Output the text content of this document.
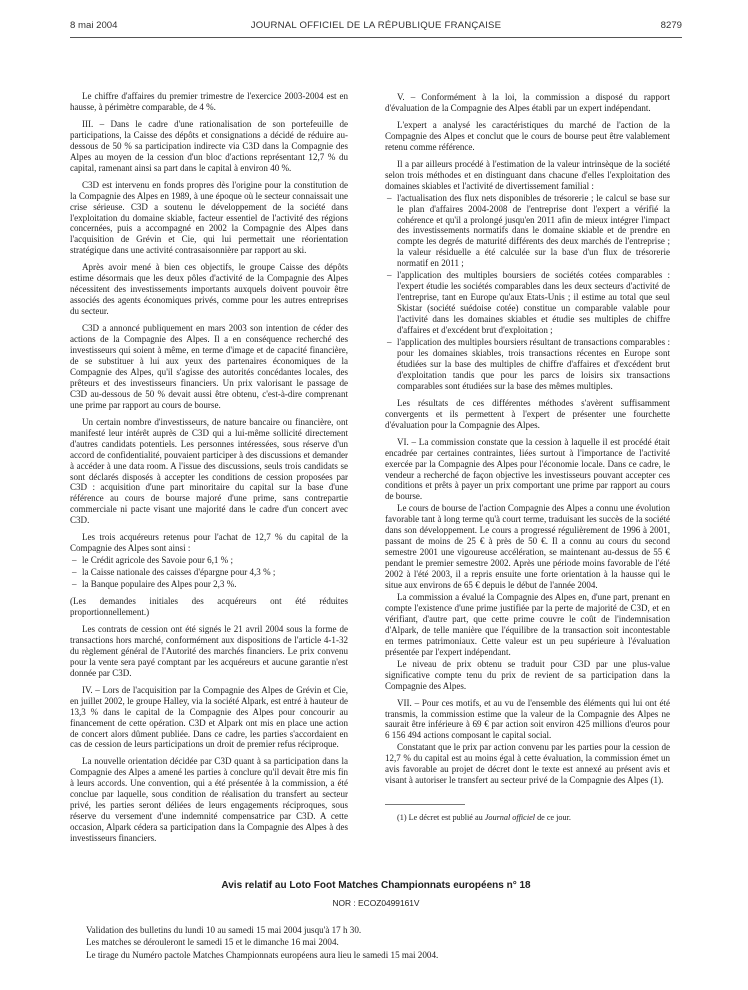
8 mai 2004	JOURNAL OFFICIEL DE LA RÉPUBLIQUE FRANÇAISE	8279

Le chiffre d'affaires du premier trimestre de l'exercice 2003-2004 est en hausse, à périmètre comparable, de 4 %.

III. – Dans le cadre d'une rationalisation de son portefeuille de participations, la Caisse des dépôts et consignations a décidé de réduire au-dessous de 50 % sa participation indirecte via C3D dans la Compagnie des Alpes au moyen de la cession d'un bloc d'actions représentant 12,7 % du capital, ramenant ainsi sa part dans le capital à environ 40 %.

C3D est intervenu en fonds propres dès l'origine pour la constitution de la Compagnie des Alpes en 1989, à une époque où le secteur connaissait une crise sérieuse. C3D a soutenu le développement de la société dans l'exploitation du domaine skiable, facteur essentiel de l'activité des régions concernées, puis a accompagné en 2002 la Compagnie des Alpes dans l'acquisition de Grévin et Cie, qui lui permettait une réorientation stratégique dans une activité contrasaisonnière par rapport au ski.

Après avoir mené à bien ces objectifs, le groupe Caisse des dépôts estime désormais que les deux pôles d'activité de la Compagnie des Alpes nécessitent des investissements importants auxquels doivent pouvoir être associés des agents économiques privés, comme pour les autres entreprises du secteur.

C3D a annoncé publiquement en mars 2003 son intention de céder des actions de la Compagnie des Alpes. Il a en conséquence recherché des investisseurs qui soient à même, en terme d'image et de capacité financière, de se substituer à lui aux yeux des partenaires économiques de la Compagnie des Alpes, qu'il s'agisse des autorités concédantes locales, des prêteurs et des investisseurs financiers. Un prix valorisant le passage de C3D au-dessous de 50 % devait aussi être obtenu, c'est-à-dire comprenant une prime par rapport au cours de bourse.

Un certain nombre d'investisseurs, de nature bancaire ou financière, ont manifesté leur intérêt auprès de C3D qui a lui-même sollicité directement d'autres candidats potentiels. Les personnes intéressées, sous réserve d'un accord de confidentialité, pouvaient participer à des discussions et demander à accéder à une data room. A l'issue des discussions, seuls trois candidats se sont déclarés disposés à accepter les conditions de cession proposées par C3D : acquisition d'une part minoritaire du capital sur la base d'une référence au cours de bourse majoré d'une prime, sans contrepartie commerciale ni pacte visant une majorité dans le cadre d'un concert avec C3D.

Les trois acquéreurs retenus pour l'achat de 12,7 % du capital de la Compagnie des Alpes sont ainsi :

– le Crédit agricole des Savoie pour 6,1 % ;
– la Caisse nationale des caisses d'épargne pour 4,3 % ;
– la Banque populaire des Alpes pour 2,3 %.

(Les demandes initiales des acquéreurs ont été réduites proportionnellement.)

Les contrats de cession ont été signés le 21 avril 2004 sous la forme de transactions hors marché, conformément aux dispositions de l'article 4-1-32 du règlement général de l'Autorité des marchés financiers. Le prix convenu pour la vente sera payé comptant par les acquéreurs et aucune garantie n'est donnée par C3D.

IV. – Lors de l'acquisition par la Compagnie des Alpes de Grévin et Cie, en juillet 2002, le groupe Halley, via la société Alpark, est entré à hauteur de 13,3 % dans le capital de la Compagnie des Alpes pour concourir au financement de cette opération. C3D et Alpark ont mis en place une action de concert alors dûment publiée. Dans ce cadre, les parties s'accordaient en cas de cession de leurs participations un droit de premier refus réciproque.

La nouvelle orientation décidée par C3D quant à sa participation dans la Compagnie des Alpes a amené les parties à conclure qu'il devait être mis fin à leurs accords. Une convention, qui a été présentée à la commission, a été conclue par laquelle, sous condition de réalisation du transfert au secteur privé, les parties seront déliées de leurs engagements réciproques, sous réserve du versement d'une indemnité compensatrice par C3D. A cette occasion, Alpark cédera sa participation dans la Compagnie des Alpes à des investisseurs financiers.

V. – Conformément à la loi, la commission a disposé du rapport d'évaluation de la Compagnie des Alpes établi par un expert indépendant.

L'expert a analysé les caractéristiques du marché de l'action de la Compagnie des Alpes et conclut que le cours de bourse peut être valablement retenu comme référence.

Il a par ailleurs procédé à l'estimation de la valeur intrinsèque de la société selon trois méthodes et en distinguant dans chacune d'elles l'exploitation des domaines skiables et l'activité de divertissement familial :

– l'actualisation des flux nets disponibles de trésorerie ; le calcul se base sur le plan d'affaires 2004-2008 de l'entreprise dont l'expert a vérifié la cohérence et qu'il a prolongé jusqu'en 2011 afin de mieux intégrer l'impact des investissements normatifs dans le domaine skiable et de prendre en compte les degrés de maturité différents des deux marchés de l'entreprise ; la valeur résiduelle a été calculée sur la base d'un flux de trésorerie normatif en 2011 ;
– l'application des multiples boursiers de sociétés cotées comparables : l'expert étudie les sociétés comparables dans les deux secteurs d'activité de l'entreprise, tant en Europe qu'aux Etats-Unis ; il estime au total que seul Skistar (société suédoise cotée) constitue un comparable valable pour l'activité dans les domaines skiables et étudie ses multiples de chiffre d'affaires et d'excédent brut d'exploitation ;
– l'application des multiples boursiers résultant de transactions comparables : pour les domaines skiables, trois transactions récentes en Europe sont étudiées sur la base des multiples de chiffre d'affaires et d'excédent brut d'exploitation tandis que pour les parcs de loisirs six transactions comparables sont étudiées sur la base des mêmes multiples.

Les résultats de ces différentes méthodes s'avèrent suffisamment convergents et ils permettent à l'expert de présenter une fourchette d'évaluation pour la Compagnie des Alpes.

VI. – La commission constate que la cession à laquelle il est procédé était encadrée par certaines contraintes, liées surtout à l'importance de l'activité exercée par la Compagnie des Alpes pour l'économie locale. Dans ce cadre, le vendeur a recherché de façon objective les investisseurs pouvant accepter ces conditions et prêts à payer un prix comportant une prime par rapport au cours de bourse.

Le cours de bourse de l'action Compagnie des Alpes a connu une évolution favorable tant à long terme qu'à court terme, traduisant les succès de la société dans son développement. Le cours a progressé régulièrement de 1996 à 2001, passant de moins de 25 € à près de 50 €. Il a connu au cours du second semestre 2001 une vigoureuse accélération, se maintenant au-dessus de 55 € pendant le premier semestre 2002. Après une période moins favorable de l'été 2002 à l'été 2003, il a repris ensuite une forte orientation à la hausse qui le situe aux environs de 65 € depuis le début de l'année 2004.

La commission a évalué la Compagnie des Alpes en, d'une part, prenant en compte l'existence d'une prime justifiée par la perte de majorité de C3D, et en vérifiant, d'autre part, que cette prime couvre le coût de l'indemnisation d'Alpark, de telle manière que l'équilibre de la transaction soit incontestable en termes patrimoniaux. Cette valeur est un peu supérieure à l'évaluation présentée par l'expert indépendant.

Le niveau de prix obtenu se traduit pour C3D par une plus-value significative compte tenu du prix de revient de sa participation dans la Compagnie des Alpes.

VII. – Pour ces motifs, et au vu de l'ensemble des éléments qui lui ont été transmis, la commission estime que la valeur de la Compagnie des Alpes ne saurait être inférieure à 69 € par action soit environ 425 millions d'euros pour 6 156 494 actions composant le capital social.

Constatant que le prix par action convenu par les parties pour la cession de 12,7 % du capital est au moins égal à cette évaluation, la commission émet un avis favorable au projet de décret dont le texte est annexé au présent avis et visant à autoriser le transfert au secteur privé de la Compagnie des Alpes (1).

(1) Le décret est publié au Journal officiel de ce jour.

Avis relatif au Loto Foot Matches Championnats européens n° 18
NOR : ECOZ0499161V
Validation des bulletins du lundi 10 au samedi 15 mai 2004 jusqu'à 17 h 30.
Les matches se dérouleront le samedi 15 et le dimanche 16 mai 2004.
Le tirage du Numéro pactole Matches Championnats européens aura lieu le samedi 15 mai 2004.
